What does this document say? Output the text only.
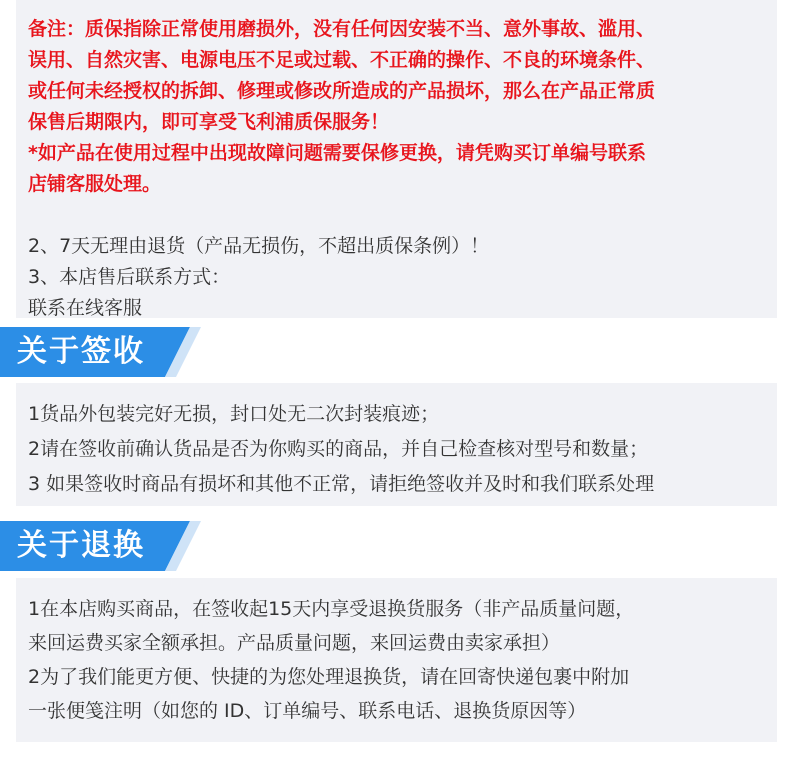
备注：质保指除正常使用磨损外，没有任何因安装不当、意外事故、滥用、

误用、自然灾害、电源电压不足或过载、不正确的操作、不良的环境条件、

或任何未经授权的拆卸、修理或修改所造成的产品损坏，那么在产品正常质

保售后期限内，即可享受飞利浦质保服务！

*如产品在使用过程中出现故障问题需要保修更换，请凭购买订单编号联系

店铺客服处理。

2、7天无理由退货（产品无损伤，不超出质保条例）！

3、本店售后联系方式：

联系在线客服

关于签收

1货品外包装完好无损，封口处无二次封装痕迹；

2请在签收前确认货品是否为你购买的商品，并自己检查核对型号和数量；

3 如果签收时商品有损坏和其他不正常，请拒绝签收并及时和我们联系处理

关于退换

1在本店购买商品，在签收起15天内享受退换货服务（非产品质量问题，

来回运费买家全额承担。产品质量问题，来回运费由卖家承担）

2为了我们能更方便、快捷的为您处理退换货，请在回寄快递包裹中附加

一张便笺注明（如您的 ID、订单编号、联系电话、退换货原因等）
